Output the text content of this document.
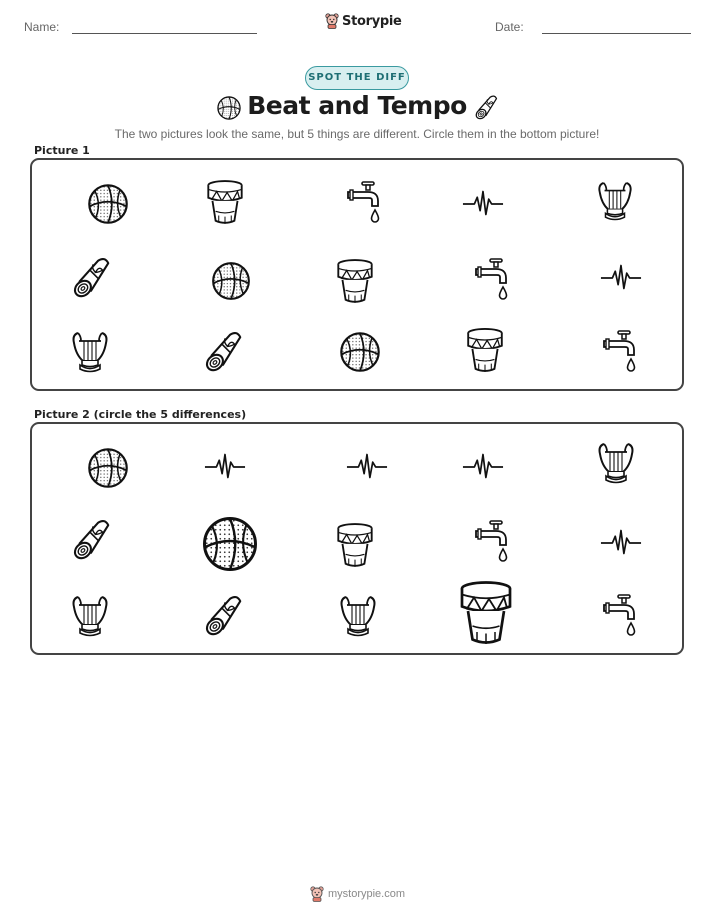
Name:	Storypie	Date:
SPOT THE DIFF
Beat and Tempo
The two pictures look the same, but 5 things are different. Circle them in the bottom picture!
Picture 1
Picture 2 (circle the 5 differences)
mystorypie.com
